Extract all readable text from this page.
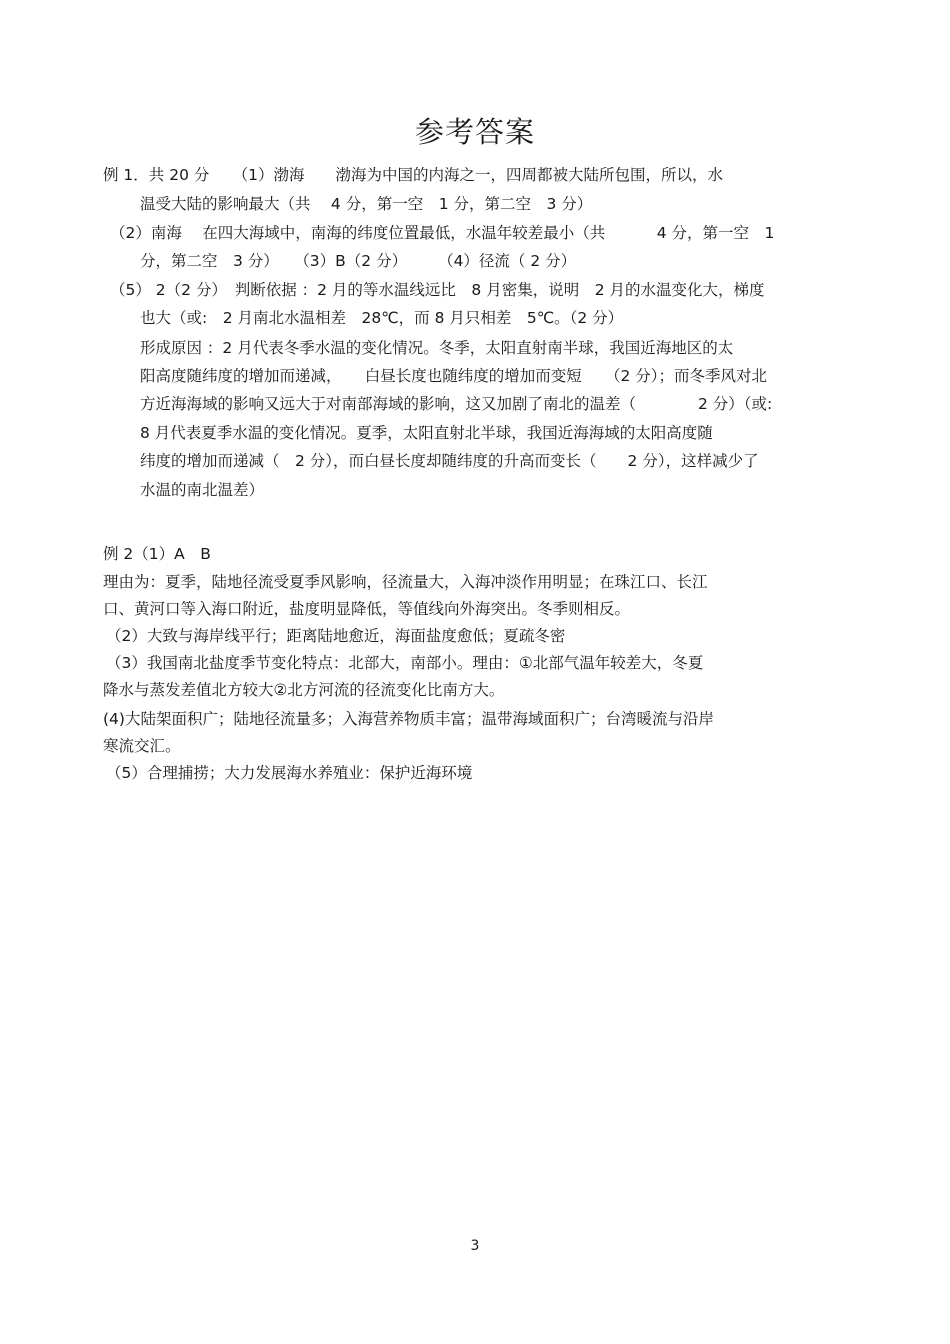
参考答案
例 1．共 20 分　　（1）渤海　　渤海为中国的内海之一，四周都被大陆所包围，所以，水
温受大陆的影响最大（共　 4 分，第一空　1 分，第二空　3 分）
（2）南海　 在四大海域中，南海的纬度位置最低，水温年较差最小（共　　　 4 分，第一空　1
分，第二空　3 分）　　（3）B（2 分）　　　（4）径流（ 2 分）
（5） 2（2 分）　判断依据 ：2 月的等水温线远比　8 月密集，说明　2 月的水温变化大，梯度
也大（或:　2 月南北水温相差　28℃，而 8 月只相差　5℃。（2 分）
形成原因 ：2 月代表冬季水温的变化情况。冬季，太阳直射南半球，我国近海地区的太
阳高度随纬度的增加而递减，　　白昼长度也随纬度的增加而变短　　（2 分）；而冬季风对北
方近海海域的影响又远大于对南部海域的影响，这又加剧了南北的温差（　　　　2 分）（或:
8 月代表夏季水温的变化情况。夏季，太阳直射北半球，我国近海海域的太阳高度随
纬度的增加而递减（　2 分），而白昼长度却随纬度的升高而变长（　　2 分），这样减少了
水温的南北温差）
例 2（1）A　B
理由为：夏季，陆地径流受夏季风影响，径流量大，入海冲淡作用明显；在珠江口、长江
口、黄河口等入海口附近，盐度明显降低，等值线向外海突出。冬季则相反。
（2）大致与海岸线平行；距离陆地愈近，海面盐度愈低；夏疏冬密
（3）我国南北盐度季节变化特点：北部大，南部小。理由：①北部气温年较差大，冬夏
降水与蒸发差值北方较大②北方河流的径流变化比南方大。
(4)大陆架面积广；陆地径流量多；入海营养物质丰富；温带海域面积广；台湾暖流与沿岸
寒流交汇。
（5）合理捕捞；大力发展海水养殖业：保护近海环境
3
